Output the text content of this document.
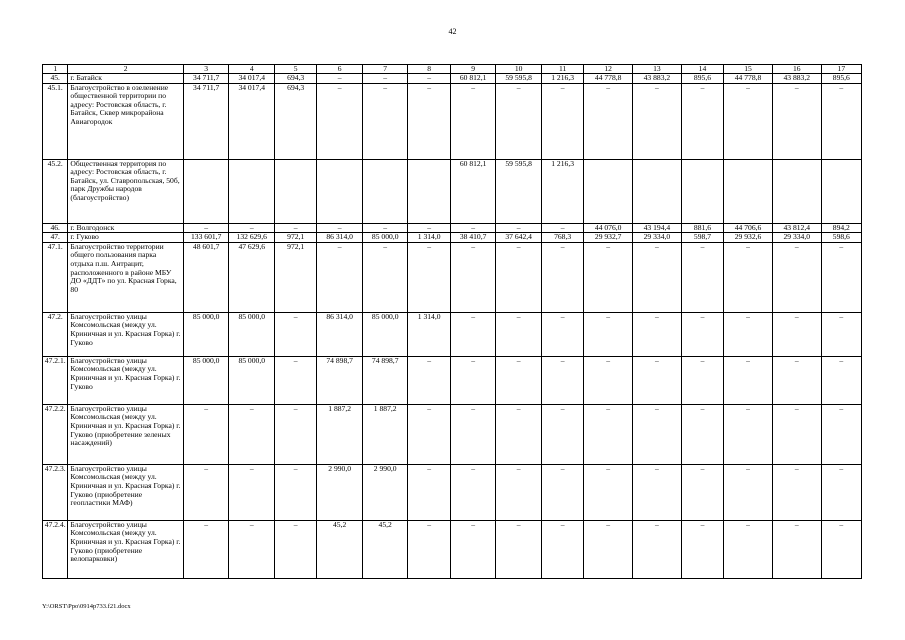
42
1	2	3	4	5	6	7	8	9	10	11	12	13	14	15	16	17
45.	г. Батайск	34 711,7	34 017,4	694,3	–	–	–	60 812,1	59 595,8	1 216,3	44 778,8	43 883,2	895,6	44 778,8	43 883,2	895,6
45.1.	Благоустройство в озеленение общественной территории по адресу: Ростовская область, г. Батайск, Сквер микрорайона Авиагородок	34 711,7	34 017,4	694,3	–	–	–	–	–	–	–	–	–	–	–	–
45.2.	Общественная территория по адресу: Ростовская область, г. Батайск, ул. Ставропольская, 50б, парк Дружбы народов (благоустройство)							60 812,1	59 595,8	1 216,3						
46.	г. Волгодонск	–	–	–	–	–	–	–	–	–	44 076,0	43 194,4	881,6	44 706,6	43 812,4	894,2
47.	г. Гуково	133 601,7	132 629,6	972,1	86 314,0	85 000,0	1 314,0	38 410,7	37 642,4	768,3	29 932,7	29 334,0	598,7	29 932,6	29 334,0	598,6
47.1.	Благоустройство территории общего пользования парка отдыха п.ш. Антрацит, расположенного в районе МБУ ДО «ДДТ» по ул. Красная Горка, 80	48 601,7	47 629,6	972,1	–	–	–	–	–	–	–	–	–	–	–	–
47.2.	Благоустройство улицы Комсомольская (между ул. Криничная и ул. Красная Горка) г. Гуково	85 000,0	85 000,0	–	86 314,0	85 000,0	1 314,0	–	–	–	–	–	–	–	–	–
47.2.1.	Благоустройство улицы Комсомольская (между ул. Криничная и ул. Красная Горка) г. Гуково	85 000,0	85 000,0	–	74 898,7	74 898,7	–	–	–	–	–	–	–	–	–	–
47.2.2.	Благоустройство улицы Комсомольская (между ул. Криничная и ул. Красная Горка) г. Гуково (приобретение зеленых насаждений)	–	–	–	1 887,2	1 887,2	–	–	–	–	–	–	–	–	–	–
47.2.3.	Благоустройство улицы Комсомольская (между ул. Криничная и ул. Красная Горка) г. Гуково (приобретение геопластики МАФ)	–	–	–	2 990,0	2 990,0	–	–	–	–	–	–	–	–	–	–
47.2.4.	Благоустройство улицы Комсомольская (между ул. Криничная и ул. Красная Горка) г. Гуково (приобретение велопарковки)	–	–	–	45,2	45,2	–	–	–	–	–	–	–	–	–	–
Y:\ORST\Ppo\0914p733.f21.docx
